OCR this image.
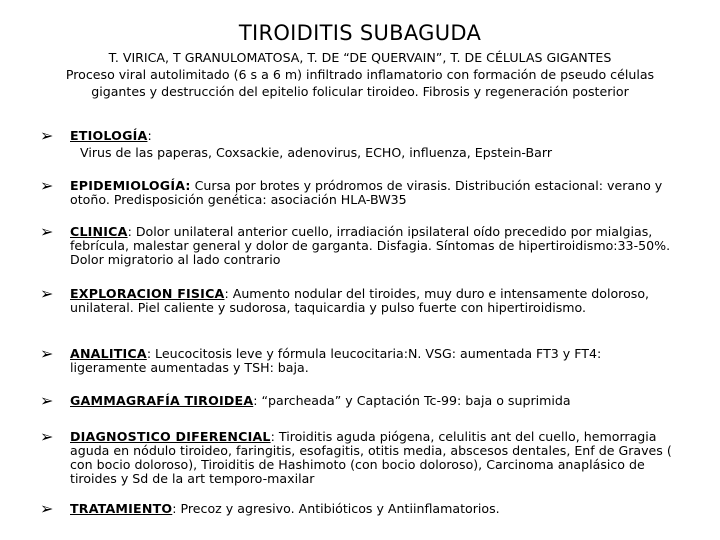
TIROIDITIS SUBAGUDA
T. VIRICA, T GRANULOMATOSA, T. DE “DE QUERVAIN”, T. DE CÉLULAS GIGANTES
Proceso viral autolimitado (6 s a 6 m) infiltrado inflamatorio con formación de pseudo células gigantes y destrucción del epitelio folicular tiroideo. Fibrosis y regeneración posterior
➢ ETIOLOGÍA:
Virus de las paperas, Coxsackie, adenovirus, ECHO, influenza, Epstein-Barr
➢ EPIDEMIOLOGÍA: Cursa por brotes y pródromos de virasis. Distribución estacional: verano y otoño. Predisposición genética: asociación HLA-BW35
➢ CLINICA: Dolor unilateral anterior cuello, irradiación ipsilateral oído precedido por mialgias, febrícula, malestar general y dolor de garganta. Disfagia. Síntomas de hipertiroidismo:33-50%. Dolor migratorio al lado contrario
➢ EXPLORACION FISICA: Aumento nodular del tiroides, muy duro e intensamente doloroso, unilateral. Piel caliente y sudorosa, taquicardia y pulso fuerte con hipertiroidismo.
➢ ANALITICA: Leucocitosis leve y fórmula leucocitaria:N. VSG: aumentada FT3 y FT4: ligeramente aumentadas y TSH: baja.
➢ GAMMAGRAFÍA TIROIDEA: “parcheada” y Captación Tc-99: baja o suprimida
➢ DIAGNOSTICO DIFERENCIAL: Tiroiditis aguda piógena, celulitis ant del cuello, hemorragia aguda en nódulo tiroideo, faringitis, esofagitis, otitis media, abscesos dentales, Enf de Graves ( con bocio doloroso), Tiroiditis de Hashimoto (con bocio doloroso), Carcinoma anaplásico de tiroides y Sd de la art temporo-maxilar
➢ TRATAMIENTO: Precoz y agresivo. Antibióticos y Antiinflamatorios.
